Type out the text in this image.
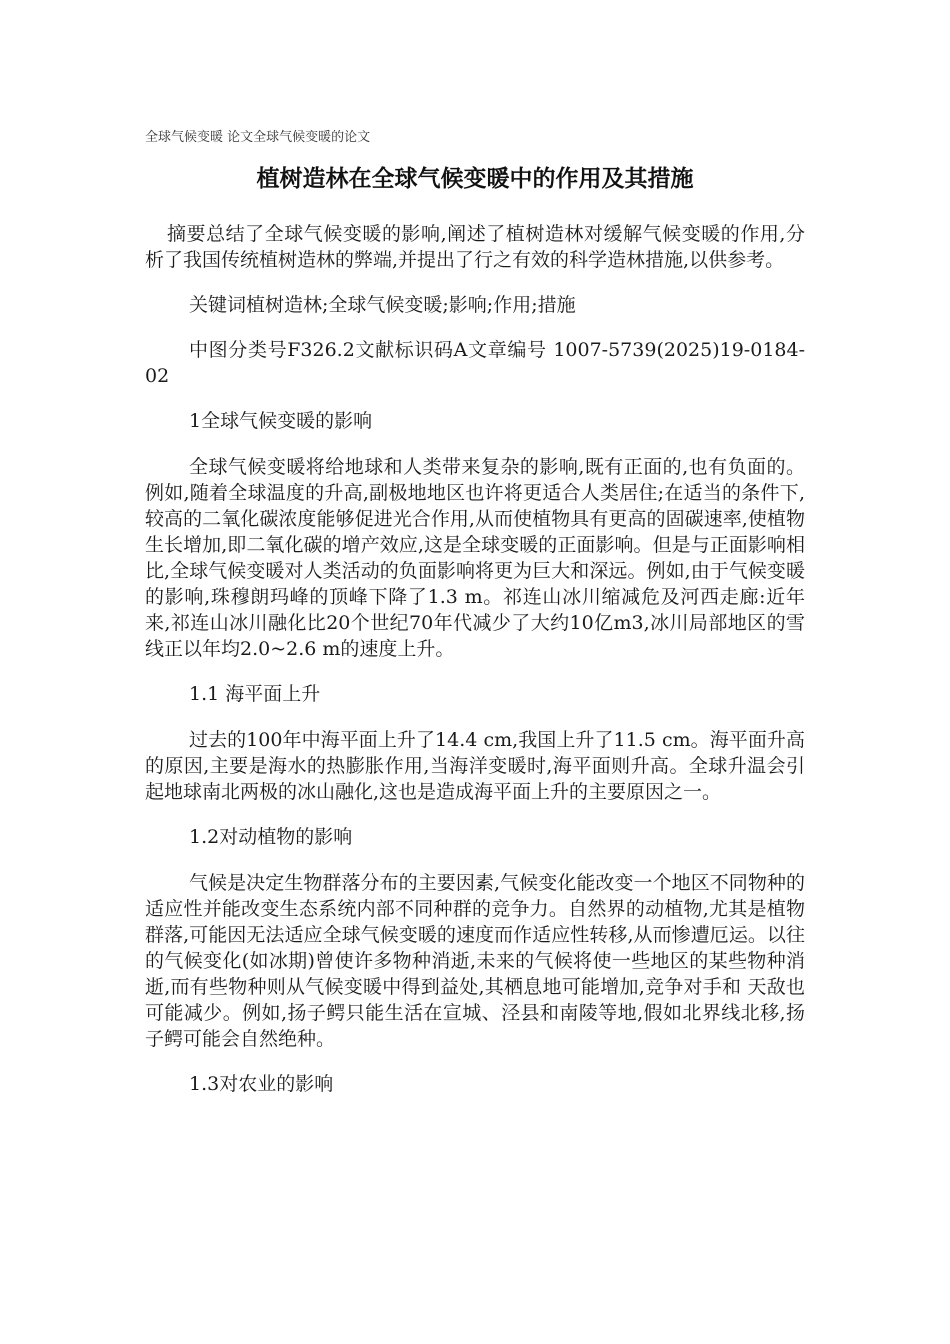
全球气候变暖 论文全球气候变暖的论文
植树造林在全球气候变暖中的作用及其措施

摘要总结了全球气候变暖的影响,阐述了植树造林对缓解气候变暖的作用,分析了我国传统植树造林的弊端,并提出了行之有效的科学造林措施,以供参考。

关键词植树造林;全球气候变暖;影响;作用;措施

中图分类号F326.2文献标识码A文章编号 1007-5739(2025)19-0184-02

1全球气候变暖的影响

全球气候变暖将给地球和人类带来复杂的影响,既有正面的,也有负面的。例如,随着全球温度的升高,副极地地区也许将更适合人类居住;在适当的条件下,较高的二氧化碳浓度能够促进光合作用,从而使植物具有更高的固碳速率,使植物生长增加,即二氧化碳的增产效应,这是全球变暖的正面影响。但是与正面影响相比,全球气候变暖对人类活动的负面影响将更为巨大和深远。例如,由于气候变暖的影响,珠穆朗玛峰的顶峰下降了1.3 m。祁连山冰川缩减危及河西走廊:近年来,祁连山冰川融化比20个世纪70年代减少了大约10亿m3,冰川局部地区的雪线正以年均2.0~2.6 m的速度上升。

1.1 海平面上升

过去的100年中海平面上升了14.4 cm,我国上升了11.5 cm。海平面升高的原因,主要是海水的热膨胀作用,当海洋变暖时,海平面则升高。全球升温会引起地球南北两极的冰山融化,这也是造成海平面上升的主要原因之一。

1.2对动植物的影响

气候是决定生物群落分布的主要因素,气候变化能改变一个地区不同物种的适应性并能改变生态系统内部不同种群的竞争力。自然界的动植物,尤其是植物群落,可能因无法适应全球气候变暖的速度而作适应性转移,从而惨遭厄运。以往的气候变化(如冰期)曾使许多物种消逝,未来的气候将使一些地区的某些物种消逝,而有些物种则从气候变暖中得到益处,其栖息地可能增加,竞争对手和 天敌也可能减少。例如,扬子鳄只能生活在宣城、泾县和南陵等地,假如北界线北移,扬子鳄可能会自然绝种。

1.3对农业的影响
